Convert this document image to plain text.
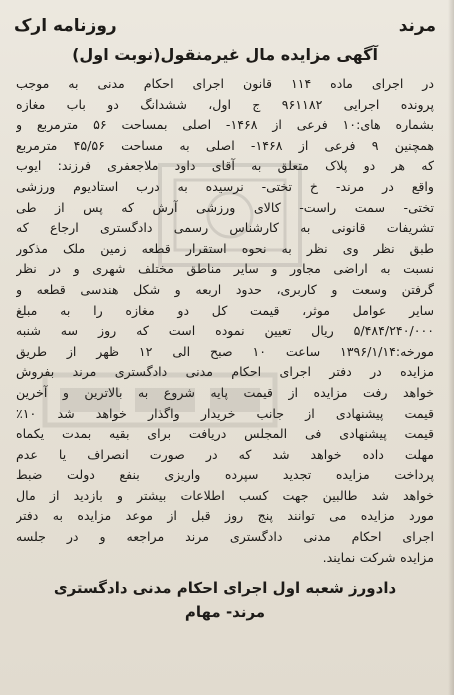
مرند
روزنامه ارک
آگهی مزایده مال غیرمنقول(نوبت اول)
در اجرای ماده ۱۱۴ قانون اجرای احکام مدنی به موجب
پرونده اجرایی ۹۶۱۱۸۲ ج اول، ششدانگ دو باب مغازه
بشماره های:۱۰ فرعی از ۱۴۶۸- اصلی بمساحت ۵۶ مترمربع و
همچنین ۹ فرعی از ۱۴۶۸- اصلی به مساحت ۴۵/۵۶ مترمربع
که هر دو پلاک متعلق به آقای داود ملاجعفری فرزند: ایوب
واقع در مرند- خ تختی- نرسیده به درب استادیوم ورزشی
تختی- سمت راست- کالای ورزشی آرش که پس از طی
تشریفات قانونی به کارشناس رسمی دادگستری ارجاع که
طبق نظر وی نظر به نحوه استقرار قطعه زمین ملک مذکور
نسبت به اراضی مجاور و سایر مناطق مختلف شهری و در نظر
گرفتن وسعت و کاربری، حدود اربعه و شکل هندسی قطعه و
سایر عوامل موثر، قیمت کل دو مغازه را به مبلغ
۵/۴۸۴/۲۴۰/۰۰۰ ریال تعیین نموده است که روز سه شنبه
مورخه:۱۳۹۶/۱/۱۴ ساعت ۱۰ صبح الی ۱۲ ظهر از طریق
مزایده در دفتر اجرای احکام مدنی دادگستری مرند بفروش
خواهد رفت مزایده از قیمت پایه شروع به بالاترین و آخرین
قیمت پیشنهادی از جانب خریدار واگذار خواهد شد ۱۰٪
قیمت پیشنهادی فی المجلس دریافت برای بقیه بمدت یکماه
مهلت داده خواهد شد که در صورت انصراف یا عدم
پرداخت مزایده تجدید سپرده واریزی بنفع دولت ضبط
خواهد شد طالبین جهت کسب اطلاعات بیشتر و بازدید از مال
مورد مزایده می توانند پنج روز قبل از موعد مزایده به دفتر
اجرای احکام مدنی دادگستری مرند مراجعه و در جلسه
مزایده شرکت نمایند.
دادورز شعبه اول اجرای احکام مدنی دادگستری
مرند- مهام
